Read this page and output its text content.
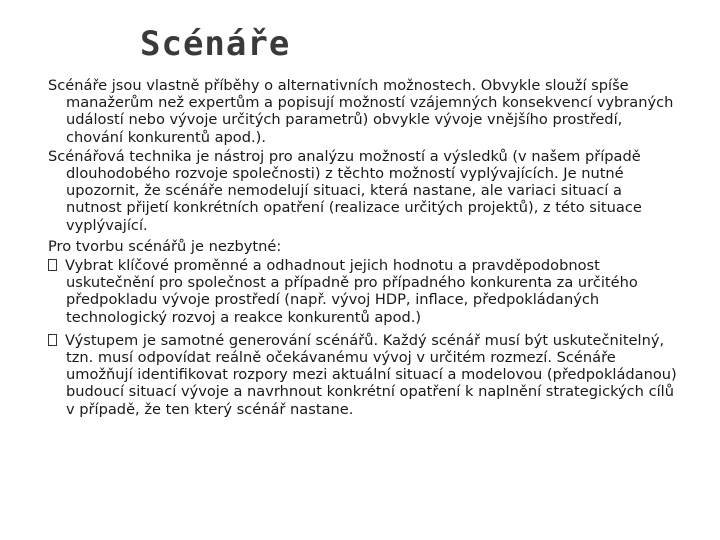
Scénáře

Scénáře jsou vlastně příběhy o alternativních možnostech. Obvykle slouží spíše manažerům než expertům a popisují možností vzájemných konsekvencí vybraných událostí nebo vývoje určitých parametrů) obvykle vývoje vnějšího prostředí, chování konkurentů apod.).

Scénářová technika je nástroj pro analýzu možností a výsledků (v našem případě dlouhodobého rozvoje společnosti) z těchto možností vyplývajících. Je nutné upozornit, že scénáře nemodelují situaci, která nastane, ale variaci situací a nutnost přijetí konkrétních opatření (realizace určitých projektů), z této situace vyplývající.

Pro tvorbu scénářů je nezbytné:

Vybrat klíčové proměnné a odhadnout jejich hodnotu a pravděpodobnost uskutečnění pro společnost a případně pro případného konkurenta za určitého předpokladu vývoje prostředí (např. vývoj HDP, inflace, předpokládaných technologický rozvoj a reakce konkurentů apod.)

Výstupem je samotné generování scénářů. Každý scénář musí být uskutečnitelný, tzn. musí odpovídat reálně očekávanému vývoj v určitém rozmezí. Scénáře umožňují identifikovat rozpory mezi aktuální situací a modelovou (předpokládanou) budoucí situací vývoje a navrhnout konkrétní opatření k naplnění strategických cílů v případě, že ten který scénář nastane.
